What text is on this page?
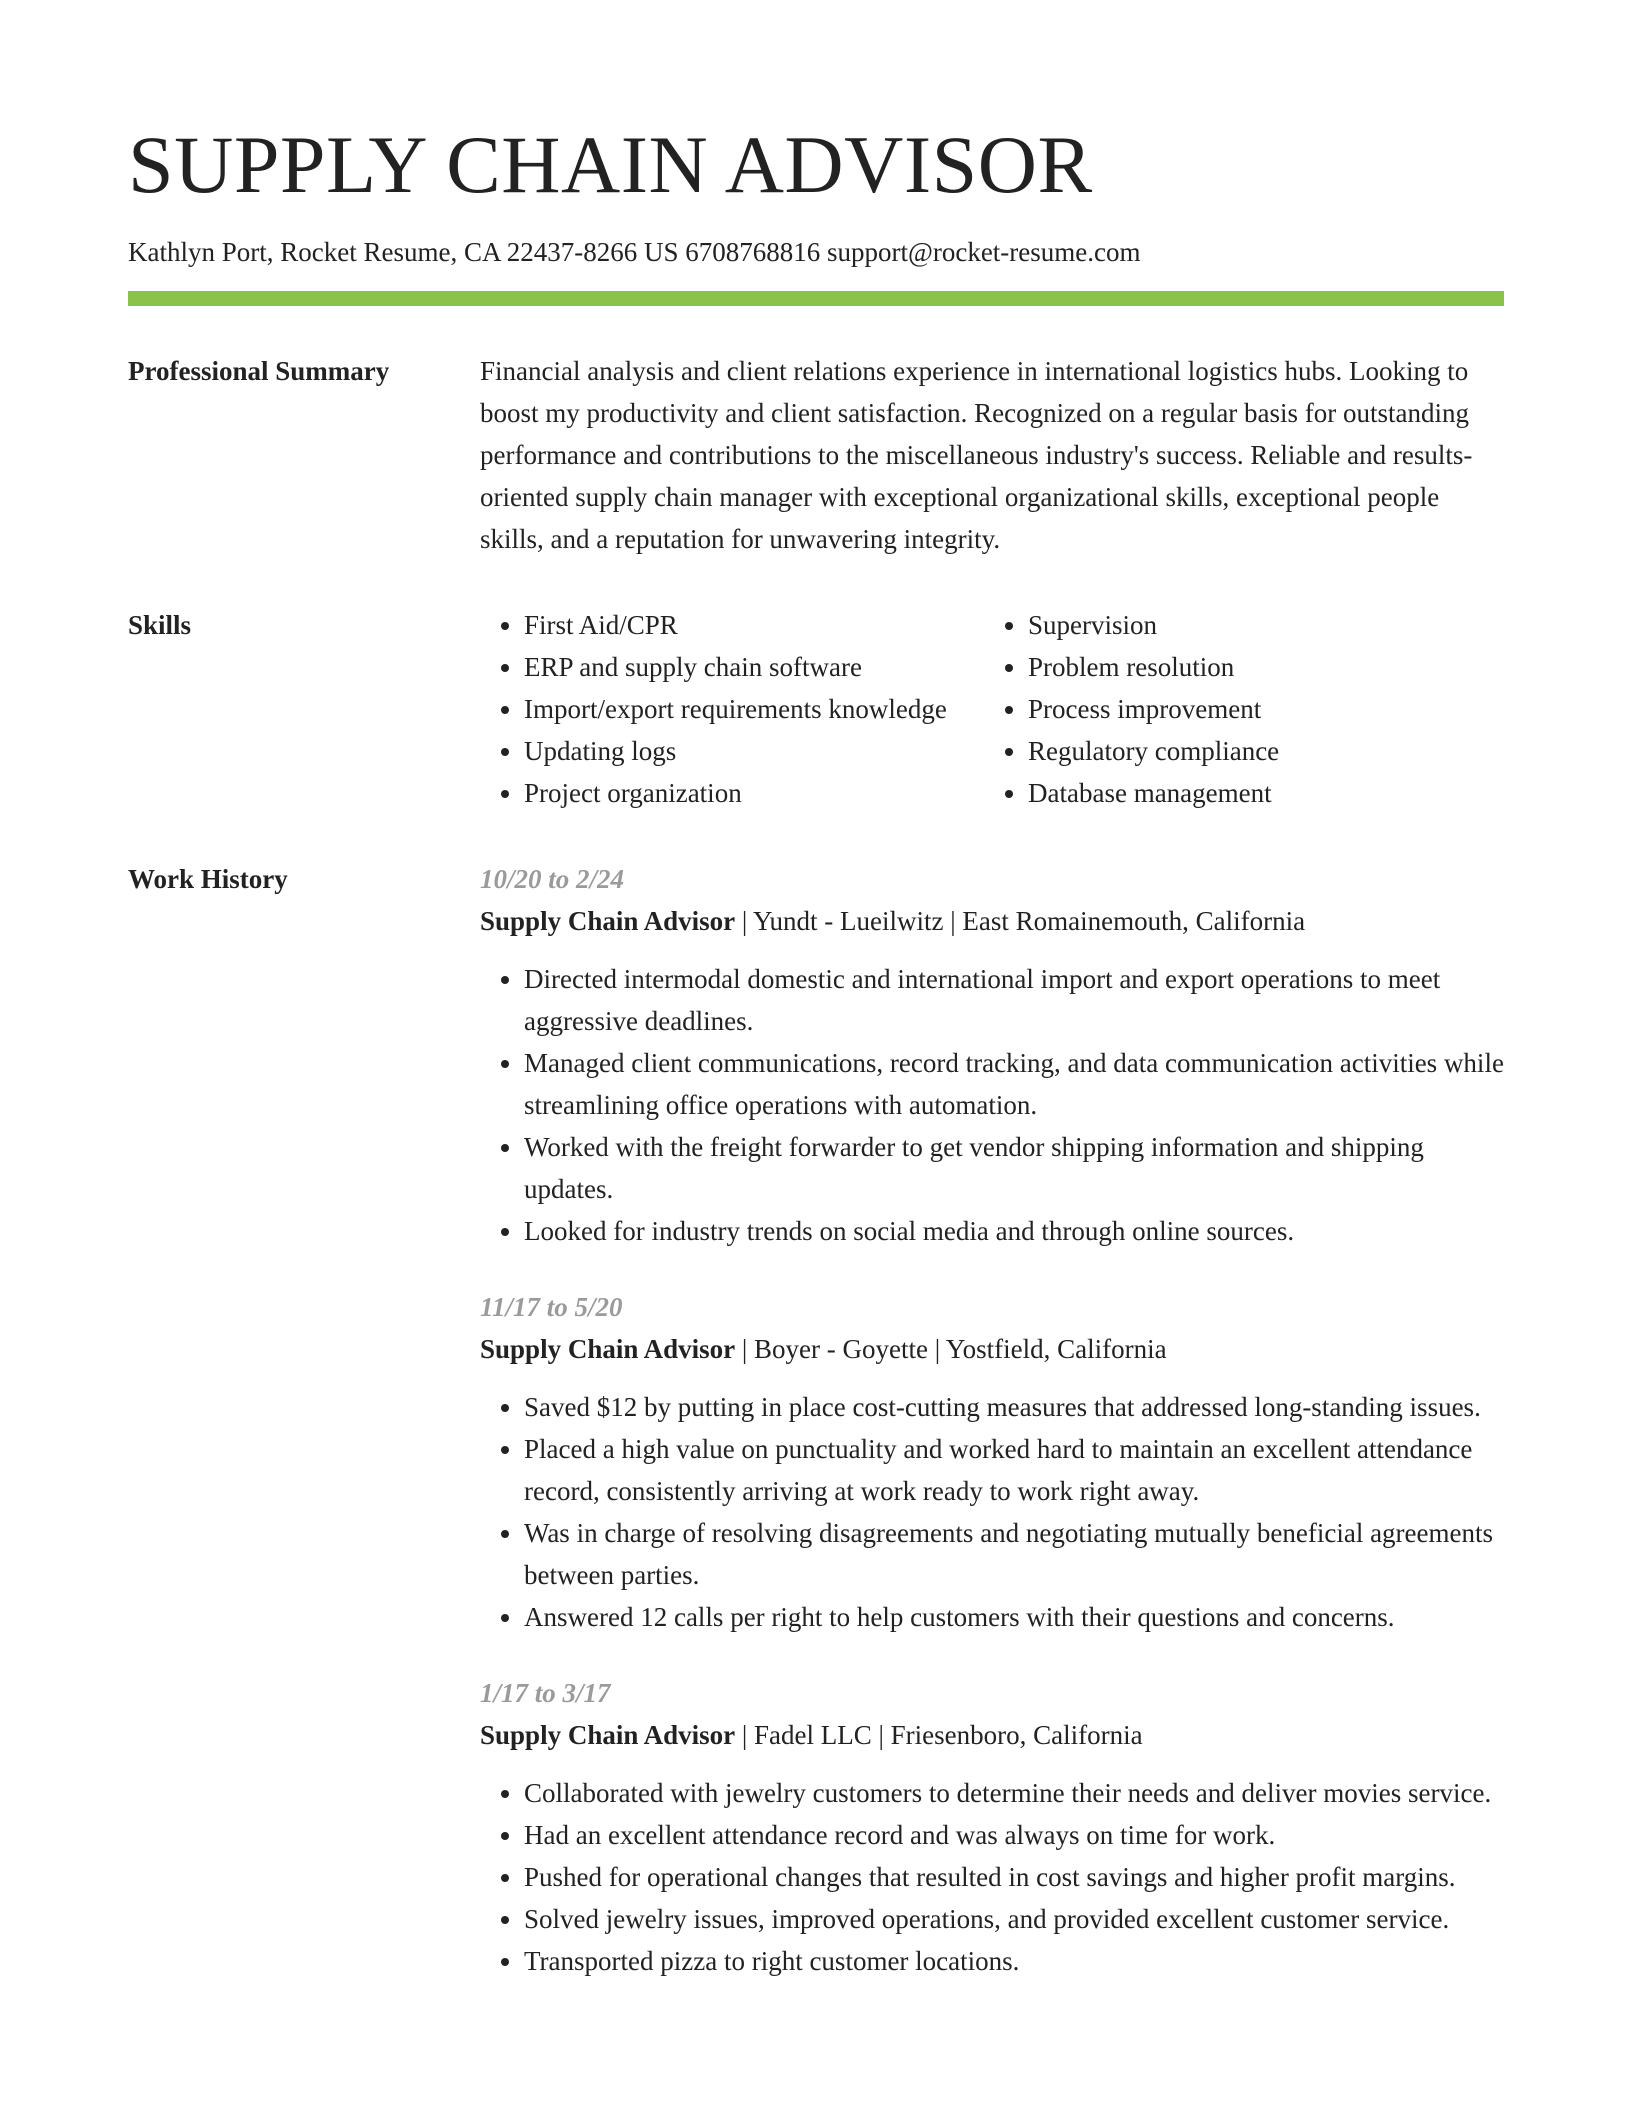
SUPPLY CHAIN ADVISOR
Kathlyn Port, Rocket Resume, CA 22437-8266 US 6708768816 support@rocket-resume.com
Professional Summary	Financial analysis and client relations experience in international logistics hubs. Looking to boost my productivity and client satisfaction. Recognized on a regular basis for outstanding performance and contributions to the miscellaneous industry's success. Reliable and results-oriented supply chain manager with exceptional organizational skills, exceptional people skills, and a reputation for unwavering integrity.

Skills
•	First Aid/CPR
• ERP and supply chain software
• Import/export requirements knowledge
• Updating logs
• Project organization
• Supervision
• Problem resolution
• Process improvement
• Regulatory compliance
• Database management
Work History	10/20 to 2/24
Supply Chain Advisor | Yundt - Lueilwitz | East Romainemouth, California
• Directed intermodal domestic and international import and export operations to meet aggressive deadlines.
• Managed client communications, record tracking, and data communication activities while streamlining office operations with automation.
• Worked with the freight forwarder to get vendor shipping information and shipping updates.
• Looked for industry trends on social media and through online sources.
11/17 to 5/20
Supply Chain Advisor | Boyer - Goyette | Yostfield, California
• Saved $12 by putting in place cost-cutting measures that addressed long-standing issues.
• Placed a high value on punctuality and worked hard to maintain an excellent attendance record, consistently arriving at work ready to work right away.
• Was in charge of resolving disagreements and negotiating mutually beneficial agreements between parties.
• Answered 12 calls per right to help customers with their questions and concerns.
1/17 to 3/17
Supply Chain Advisor | Fadel LLC | Friesenboro, California
• Collaborated with jewelry customers to determine their needs and deliver movies service.
• Had an excellent attendance record and was always on time for work.
• Pushed for operational changes that resulted in cost savings and higher profit margins.
• Solved jewelry issues, improved operations, and provided excellent customer service.
• Transported pizza to right customer locations.
